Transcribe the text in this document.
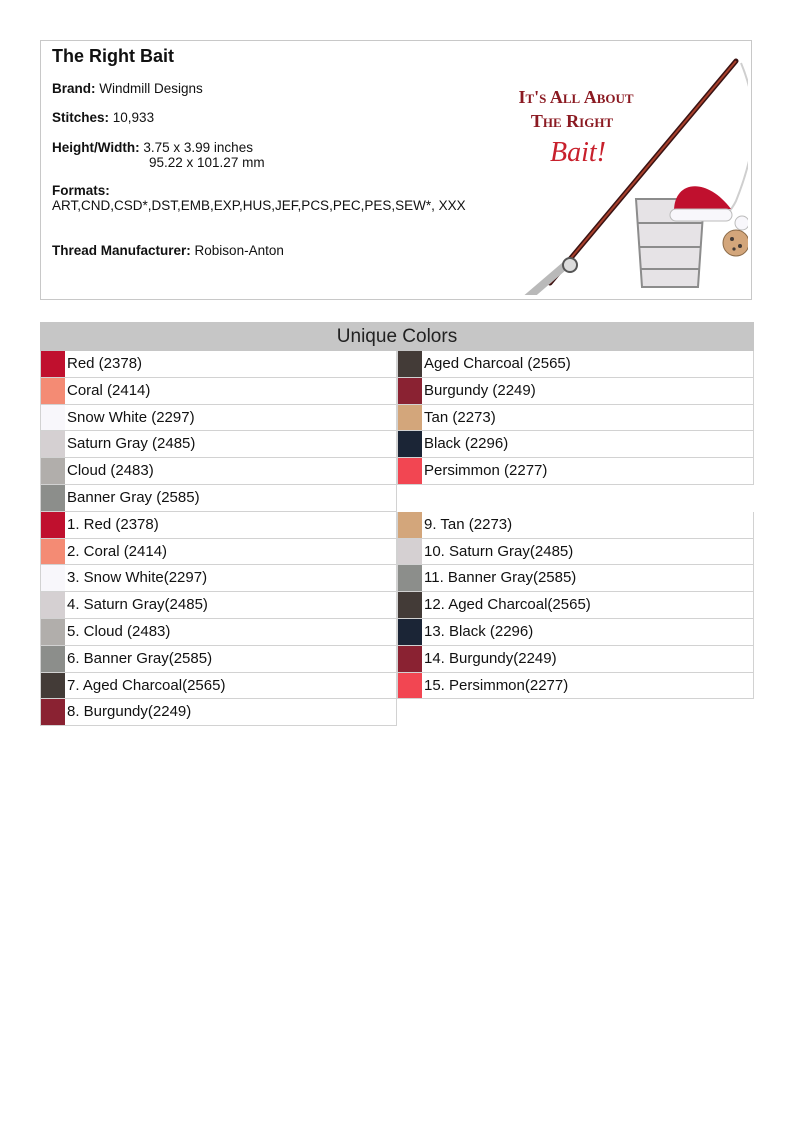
The Right Bait
Brand: Windmill Designs
Stitches: 10,933
Height/Width: 3.75 x 3.99 inches
95.22 x 101.27 mm
Formats:
ART,CND,CSD*,DST,EMB,EXP,HUS,JEF,PCS,PEC,PES,SEW*, XXX
Thread Manufacturer: Robison-Anton
It's All About
The Right
Bait!
Unique Colors
Red (2378)
Coral (2414)
Snow White (2297)
Saturn Gray (2485)
Cloud (2483)
Banner Gray (2585)
Aged Charcoal (2565)
Burgundy (2249)
Tan (2273)
Black (2296)
Persimmon (2277)
1. Red (2378)
2. Coral (2414)
3. Snow White(2297)
4. Saturn Gray(2485)
5. Cloud (2483)
6. Banner Gray(2585)
7. Aged Charcoal(2565)
8. Burgundy(2249)
9. Tan (2273)
10. Saturn Gray(2485)
11. Banner Gray(2585)
12. Aged Charcoal(2565)
13. Black (2296)
14. Burgundy(2249)
15. Persimmon(2277)
